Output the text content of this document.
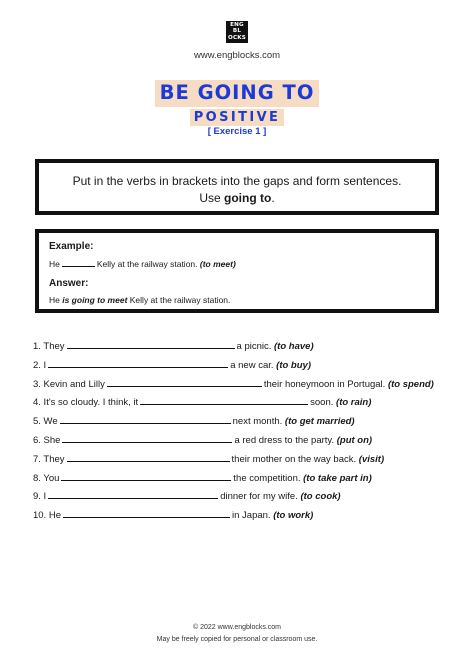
ENG
BL
OCKS
www.engblocks.com
BE GOING TO
POSITIVE
[ Exercise 1 ]
Put in the verbs in brackets into the gaps and form sentences.
Use going to.
Example:
He	Kelly at the railway station. (to meet)
Answer:
He is going to meet Kelly at the railway station.
1. They	a picnic. (to have)
2. I	a new car. (to buy)
3. Kevin and Lilly	their honeymoon in Portugal. (to spend)
4. It's so cloudy. I think, it	soon. (to rain)
5. We	next month. (to get married)
6. She	a red dress to the party. (put on)
7. They	their mother on the way back. (visit)
8. You	the competition. (to take part in)
9. I	dinner for my wife. (to cook)
10. He	in Japan. (to work)
© 2022 www.engblocks.com
May be freely copied for personal or classroom use.
